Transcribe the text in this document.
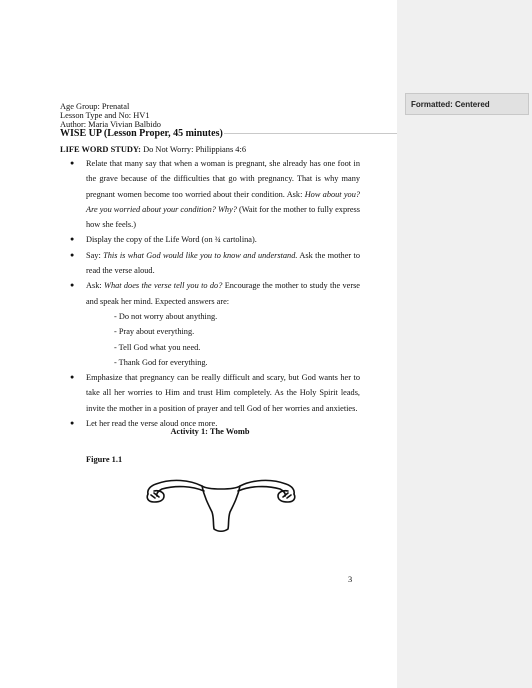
Formatted: Centered
Age Group: Prenatal
Lesson Type and No: HV1
Author: Maria Vivian Balbido
WISE UP (Lesson Proper, 45 minutes)
LIFE WORD STUDY: Do Not Worry: Philippians 4:6
● Relate that many say that when a woman is pregnant, she already has one foot in the grave because of the difficulties that go with pregnancy. That is why many pregnant women become too worried about their condition. Ask: How about you? Are you worried about your condition? Why? (Wait for the mother to fully express how she feels.)
● Display the copy of the Life Word (on ¾ cartolina).
● Say: This is what God would like you to know and understand. Ask the mother to read the verse aloud.
● Ask: What does the verse tell you to do? Encourage the mother to study the verse and speak her mind. Expected answers are:
- Do not worry about anything.
- Pray about everything.
- Tell God what you need.
- Thank God for everything.
● Emphasize that pregnancy can be really difficult and scary, but God wants her to take all her worries to Him and trust Him completely. As the Holy Spirit leads, invite the mother in a position of prayer and tell God of her worries and anxieties.
● Let her read the verse aloud once more.
Activity 1: The Womb
Figure 1.1
3
